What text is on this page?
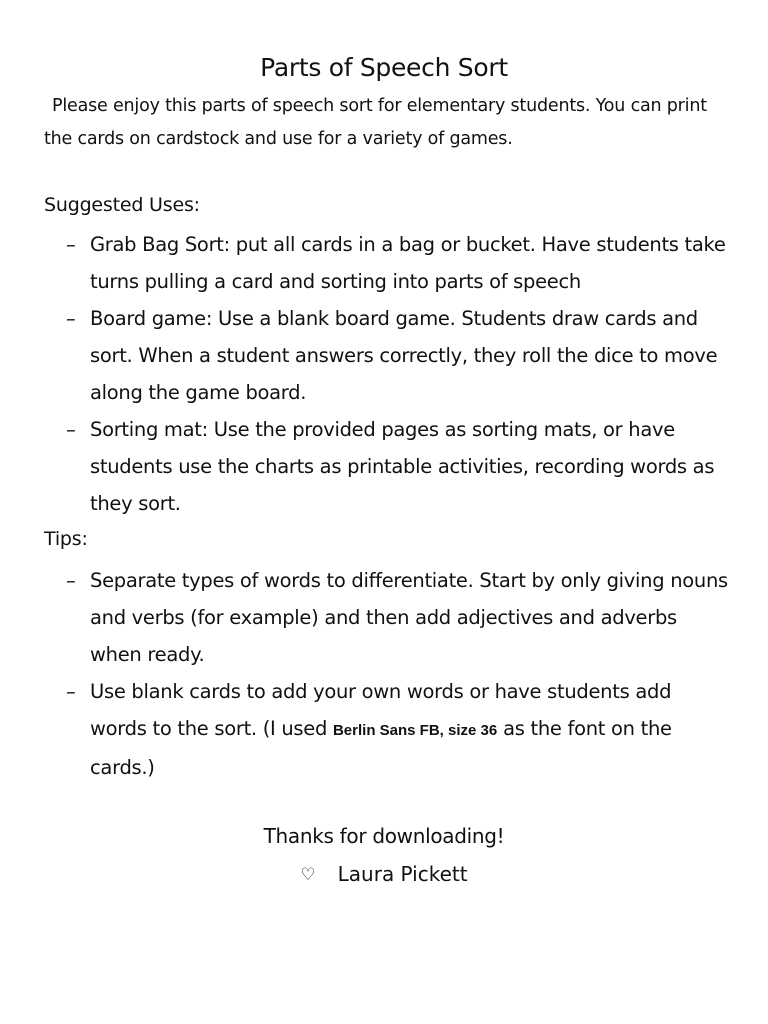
Parts of Speech Sort

Please enjoy this parts of speech sort for elementary students. You can print the cards on cardstock and use for a variety of games.

Suggested Uses:
– Grab Bag Sort: put all cards in a bag or bucket. Have students take turns pulling a card and sorting into parts of speech
– Board game: Use a blank board game. Students draw cards and sort. When a student answers correctly, they roll the dice to move along the game board.
– Sorting mat: Use the provided pages as sorting mats, or have students use the charts as printable activities, recording words as they sort.
Tips:
– Separate types of words to differentiate. Start by only giving nouns and verbs (for example) and then add adjectives and adverbs when ready.
– Use blank cards to add your own words or have students add words to the sort. (I used Berlin Sans FB, size 36 as the font on the cards.)

Thanks for downloading!

♡ Laura Pickett
